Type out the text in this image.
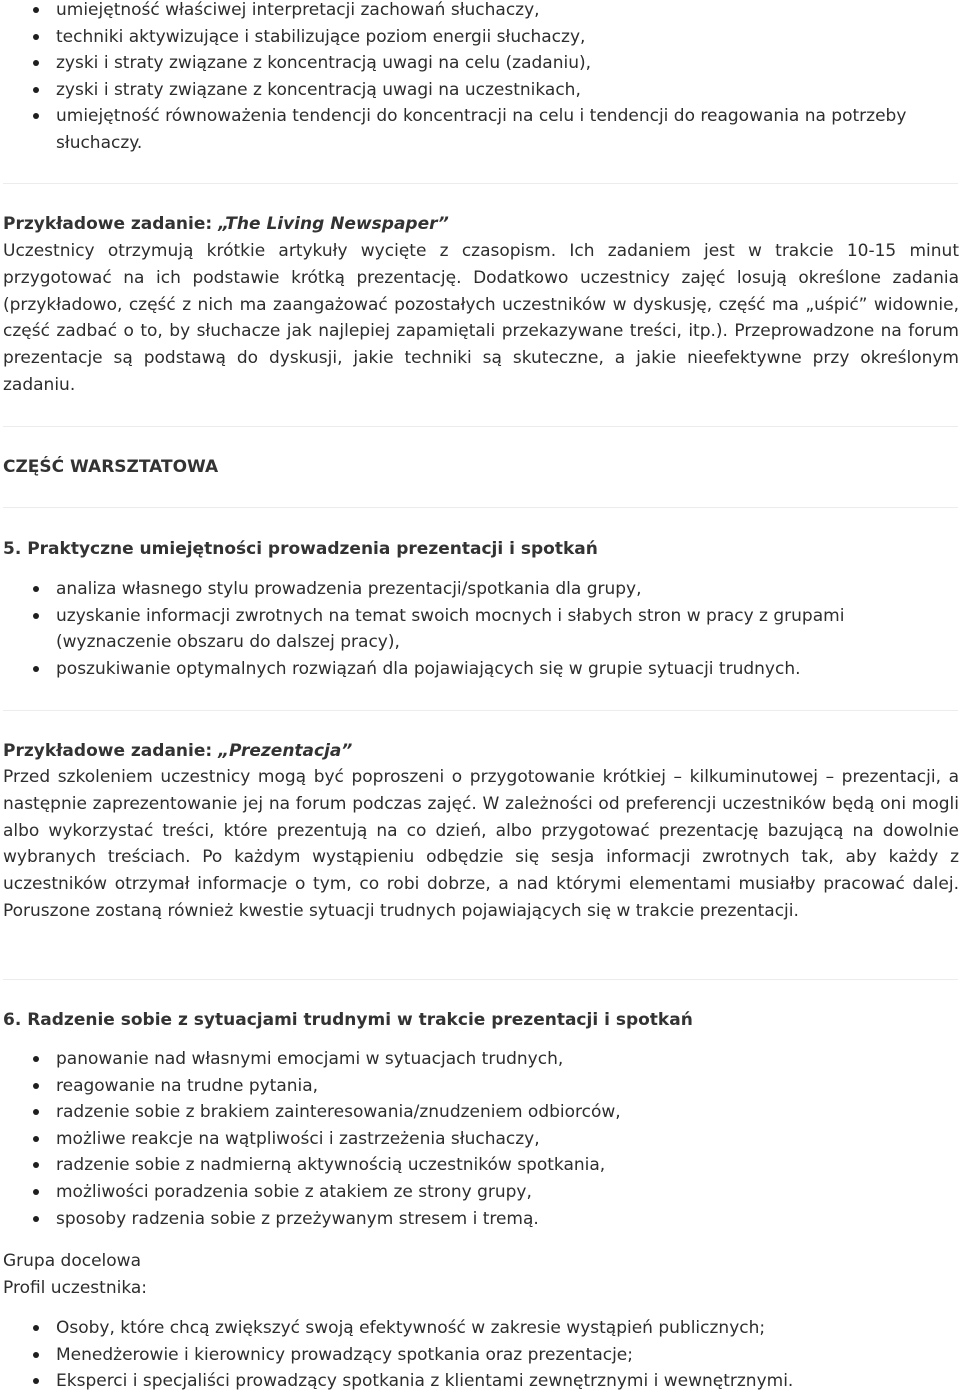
umiejętność właściwej interpretacji zachowań słuchaczy,
techniki aktywizujące i stabilizujące poziom energii słuchaczy,
zyski i straty związane z koncentracją uwagi na celu (zadaniu),
zyski i straty związane z koncentracją uwagi na uczestnikach,
umiejętność równoważenia tendencji do koncentracji na celu i tendencji do reagowania na potrzeby słuchaczy.
Przykładowe zadanie: „The Living Newspaper”
Uczestnicy otrzymują krótkie artykuły wycięte z czasopism. Ich zadaniem jest w trakcie 10-15 minut przygotować na ich podstawie krótką prezentację. Dodatkowo uczestnicy zajęć losują określone zadania (przykładowo, część z nich ma zaangażować pozostałych uczestników w dyskusję, część ma „uśpić” widownie, część zadbać o to, by słuchacze jak najlepiej zapamiętali przekazywane treści, itp.). Przeprowadzone na forum prezentacje są podstawą do dyskusji, jakie techniki są skuteczne, a jakie nieefektywne przy określonym zadaniu.
CZĘŚĆ WARSZTATOWA
5. Praktyczne umiejętności prowadzenia prezentacji i spotkań
analiza własnego stylu prowadzenia prezentacji/spotkania dla grupy,
uzyskanie informacji zwrotnych na temat swoich mocnych i słabych stron w pracy z grupami (wyznaczenie obszaru do dalszej pracy),
poszukiwanie optymalnych rozwiązań dla pojawiających się w grupie sytuacji trudnych.
Przykładowe zadanie: „Prezentacja”
Przed szkoleniem uczestnicy mogą być poproszeni o przygotowanie krótkiej – kilkuminutowej – prezentacji, a następnie zaprezentowanie jej na forum podczas zajęć. W zależności od preferencji uczestników będą oni mogli albo wykorzystać treści, które prezentują na co dzień, albo przygotować prezentację bazującą na dowolnie wybranych treściach. Po każdym wystąpieniu odbędzie się sesja informacji zwrotnych tak, aby każdy z uczestników otrzymał informacje o tym, co robi dobrze, a nad którymi elementami musiałby pracować dalej. Poruszone zostaną również kwestie sytuacji trudnych pojawiających się w trakcie prezentacji.
6. Radzenie sobie z sytuacjami trudnymi w trakcie prezentacji i spotkań
panowanie nad własnymi emocjami w sytuacjach trudnych,
reagowanie na trudne pytania,
radzenie sobie z brakiem zainteresowania/znudzeniem odbiorców,
możliwe reakcje na wątpliwości i zastrzeżenia słuchaczy,
radzenie sobie z nadmierną aktywnością uczestników spotkania,
możliwości poradzenia sobie z atakiem ze strony grupy,
sposoby radzenia sobie z przeżywanym stresem i tremą.
Grupa docelowa
Profil uczestnika:
Osoby, które chcą zwiększyć swoją efektywność w zakresie wystąpień publicznych;
Menedżerowie i kierownicy prowadzący spotkania oraz prezentacje;
Eksperci i specjaliści prowadzący spotkania z klientami zewnętrznymi i wewnętrznymi.
